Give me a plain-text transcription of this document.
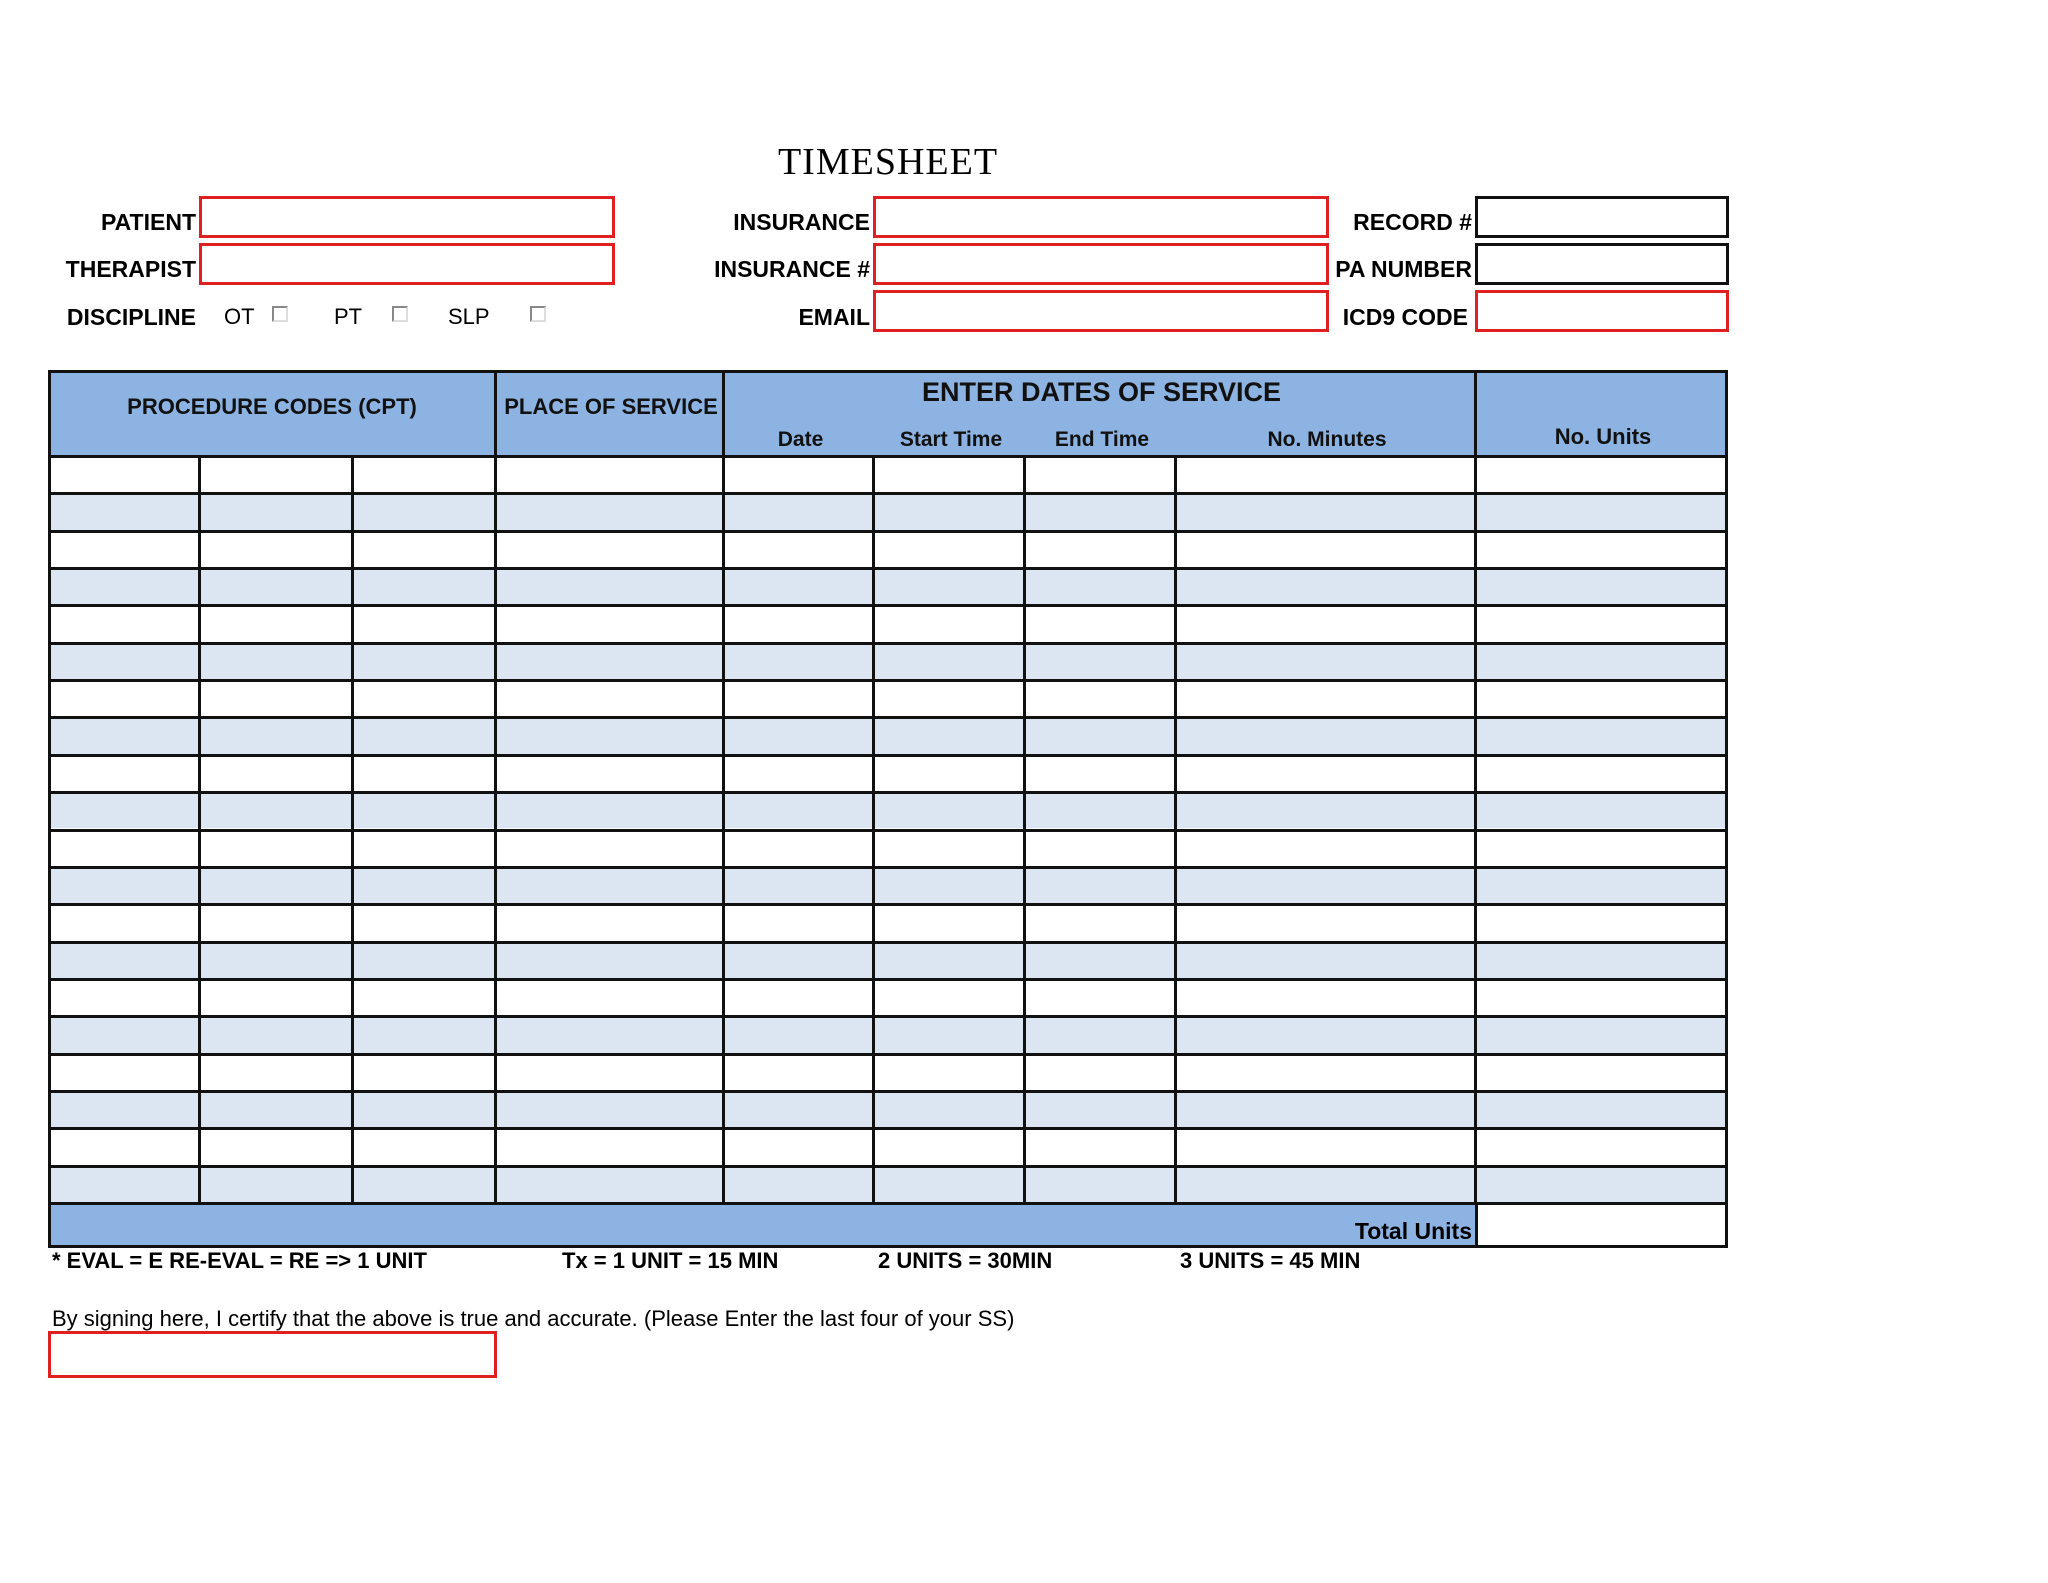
TIMESHEET
PATIENT
THERAPIST
DISCIPLINE OT	PT	SLP
INSURANCE
INSURANCE #
EMAIL
RECORD #
PA NUMBER
ICD9 CODE
PROCEDURE CODES (CPT)	PLACE OF SERVICE	ENTER DATES OF SERVICE
Date	Start Time	End Time	No. Minutes	No. Units
Total Units
* EVAL = E RE-EVAL = RE => 1 UNIT	Tx = 1 UNIT = 15 MIN	2 UNITS = 30MIN	3 UNITS = 45 MIN
By signing here, I certify that the above is true and accurate. (Please Enter the last four of your SS)
